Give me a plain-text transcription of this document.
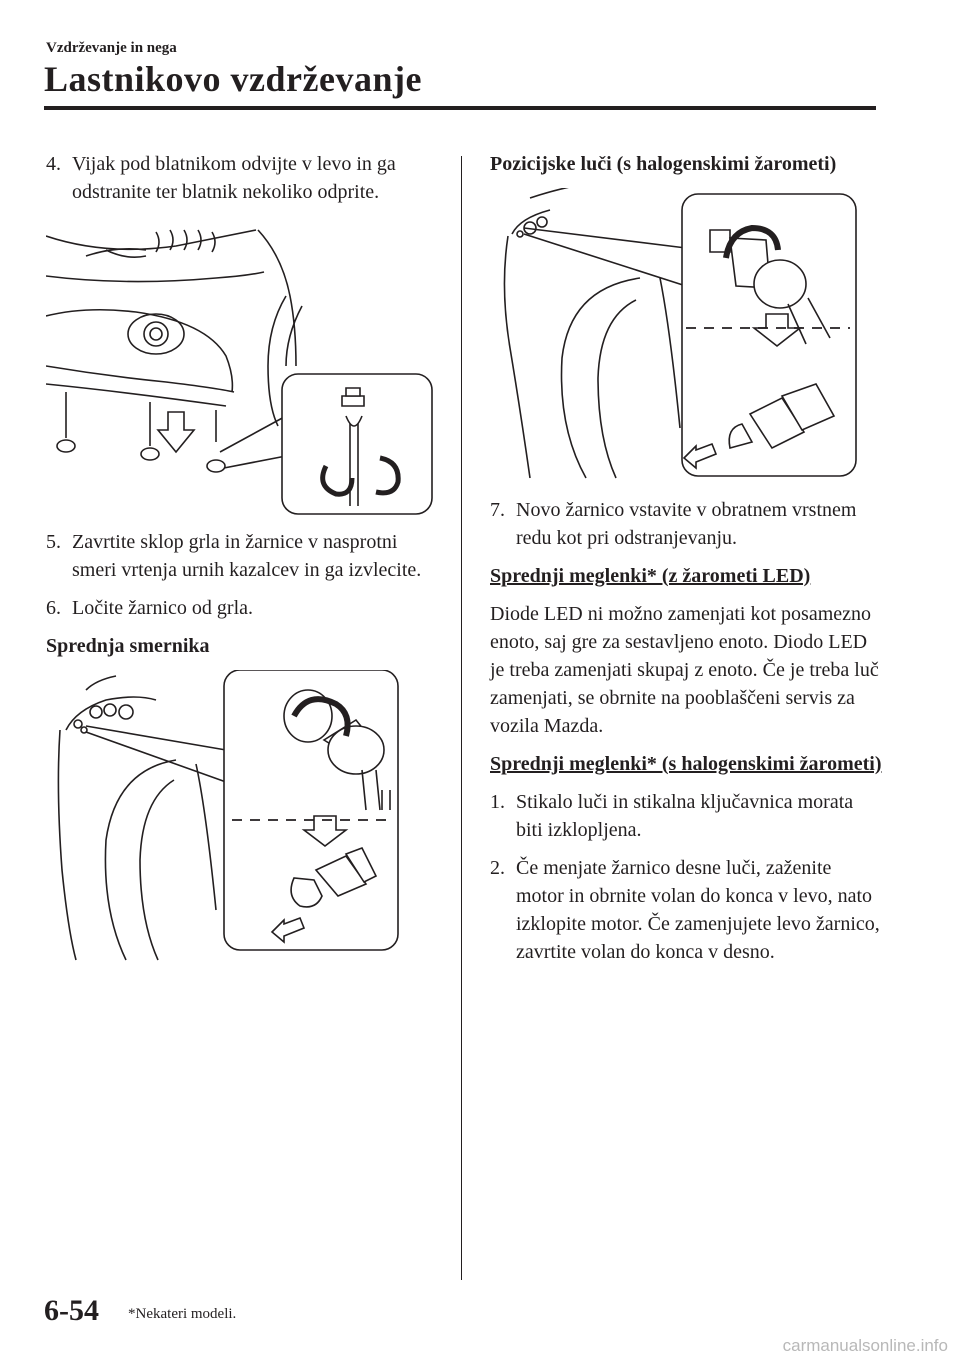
Vzdrževanje in nega
Lastnikovo vzdrževanje
4. Vijak pod blatnikom odvijte v levo in ga odstranite ter blatnik nekoliko odprite.
5. Zavrtite sklop grla in žarnice v nasprotni smeri vrtenja urnih kazalcev in ga izvlecite.
6. Ločite žarnico od grla.
Sprednja smernika
Pozicijske luči (s halogenskimi žarometi)
7. Novo žarnico vstavite v obratnem vrstnem redu kot pri odstranjevanju.
Sprednji meglenki* (z žarometi LED)
Diode LED ni možno zamenjati kot posamezno enoto, saj gre za sestavljeno enoto. Diodo LED je treba zamenjati skupaj z enoto. Če je treba luč zamenjati, se obrnite na pooblaščeni servis za vozila Mazda.
Sprednji meglenki* (s halogenskimi žarometi)
1. Stikalo luči in stikalna ključavnica morata biti izklopljena.
2. Če menjate žarnico desne luči, zaženite motor in obrnite volan do konca v levo, nato izklopite motor. Če zamenjujete levo žarnico, zavrtite volan do konca v desno.
6-54 *Nekateri modeli.
carmanualsonline.info
